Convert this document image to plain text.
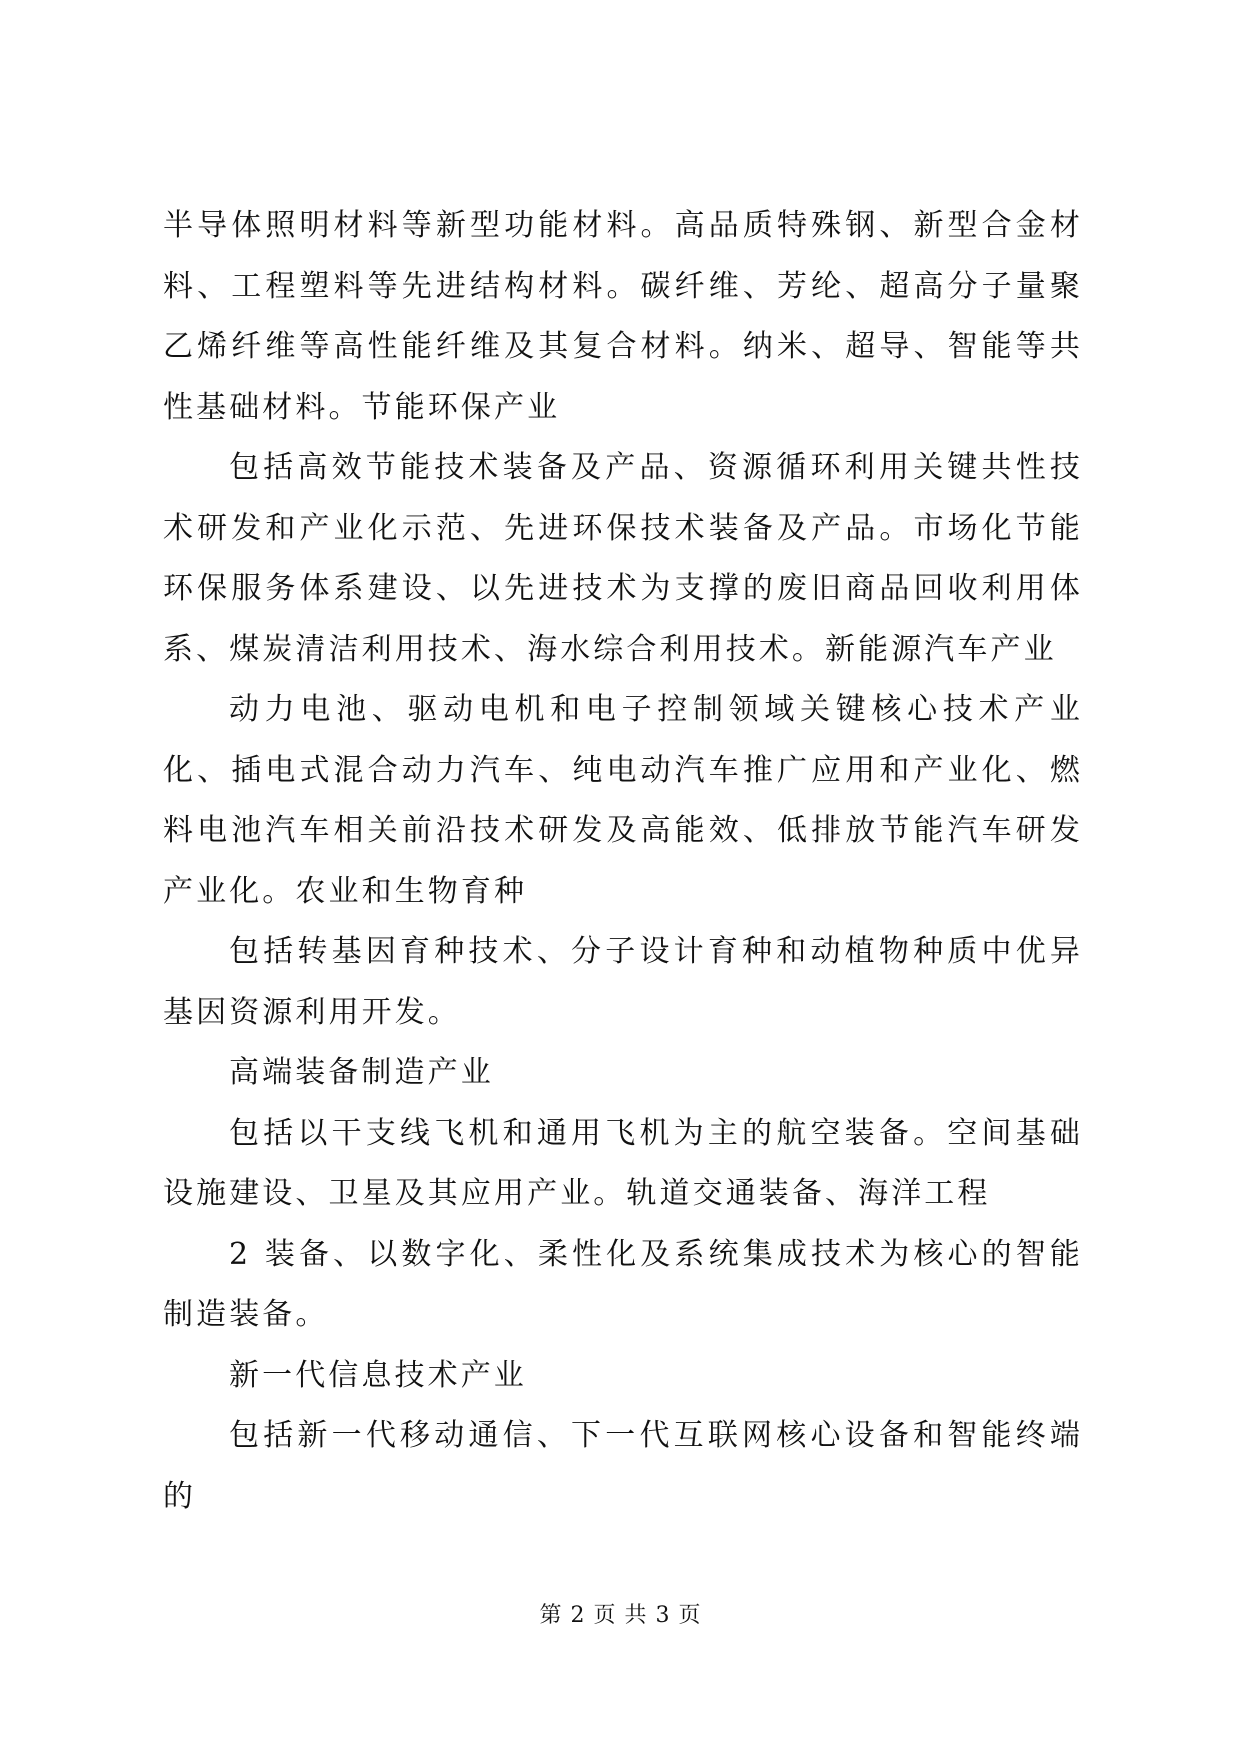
半导体照明材料等新型功能材料。高品质特殊钢、新型合金材料、工程塑料等先进结构材料。碳纤维、芳纶、超高分子量聚乙烯纤维等高性能纤维及其复合材料。纳米、超导、智能等共性基础材料。节能环保产业

包括高效节能技术装备及产品、资源循环利用关键共性技术研发和产业化示范、先进环保技术装备及产品。市场化节能环保服务体系建设、以先进技术为支撑的废旧商品回收利用体系、煤炭清洁利用技术、海水综合利用技术。新能源汽车产业

动力电池、驱动电机和电子控制领域关键核心技术产业化、插电式混合动力汽车、纯电动汽车推广应用和产业化、燃料电池汽车相关前沿技术研发及高能效、低排放节能汽车研发产业化。农业和生物育种

包括转基因育种技术、分子设计育种和动植物种质中优异基因资源利用开发。

高端装备制造产业

包括以干支线飞机和通用飞机为主的航空装备。空间基础设施建设、卫星及其应用产业。轨道交通装备、海洋工程

2 装备、以数字化、柔性化及系统集成技术为核心的智能制造装备。

新一代信息技术产业

包括新一代移动通信、下一代互联网核心设备和智能终端的

第 2 页 共 3 页
